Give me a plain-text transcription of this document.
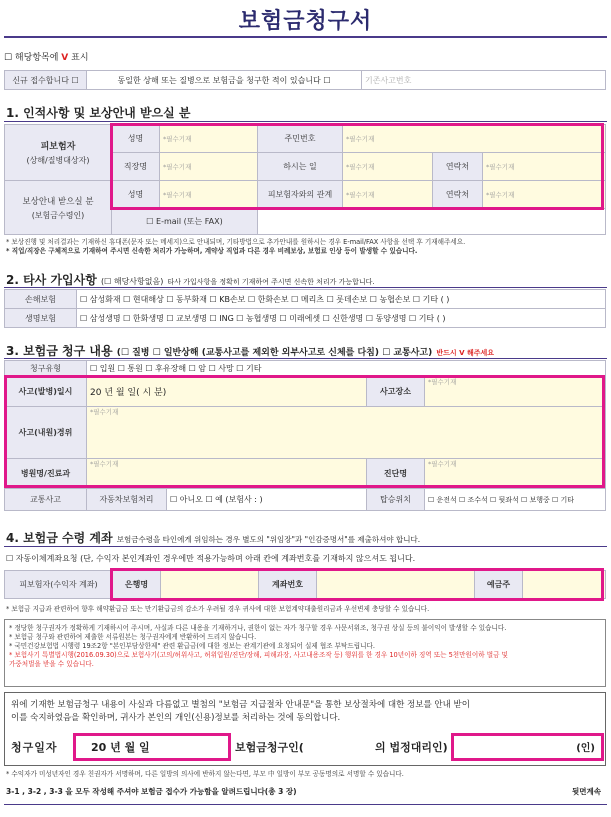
보험금청구서
☐ 해당항목에 V 표시
신규 접수합니다 ☐	동일한 상해 또는 질병으로 보험금을 청구한 적이 있습니다 ☐	기존사고번호
1. 인적사항 및 보상안내 받으실 분
피보험자
(상해/질병대상자)	성명	*필수기재	주민번호	*필수기재		
	직장명	*필수기재	하시는 일	*필수기재	연락처	*필수기재

보상안내 받으실 분
(보험금수령인)	성명	*필수기재	피보험자와의 관계	*필수기재	연락처	*필수기재
	☐ E-mail (또는 FAX)					
* 보상진행 및 처리결과는 기재하신 휴대폰(문자 또는 메세지)으로 안내되며, 기타방법으로 추가안내를 원하시는 경우 E-mail/FAX 사항을 선택 후 기재해주세요.
* 직업/직장은 구체적으로 기재하여 주시면 신속한 처리가 가능하며, 계약상 직업과 다른 경우 비례보상, 보험료 인상 등이 발생할 수 있습니다.
2. 타사 가입사항 (☐ 해당사항없음) 타사 가입사항을 정확히 기재하여 주시면 신속한 처리가 가능합니다.
손해보험	☐ 삼성화재 ☐ 현대해상 ☐ 동부화재 ☐ KB손보 ☐ 한화손보 ☐ 메리츠 ☐ 롯데손보 ☐ 농협손보 ☐ 기타 ( )
생명보험	☐ 삼성생명 ☐ 한화생명 ☐ 교보생명 ☐ ING ☐ 농협생명 ☐ 미래에셋 ☐ 신한생명 ☐ 동양생명 ☐ 기타 ( )
3. 보험금 청구 내용 (☐ 질병 ☐ 일반상해 (교통사고를 제외한 외부사고로 신체를 다침) ☐ 교통사고) 반드시 V 해주세요
청구유형	☐ 입원 ☐ 통원 ☐ 후유장해 ☐ 암 ☐ 사망 ☐ 기타			
사고(발병)일시	20 년 월 일( 시 분)		사고장소	*필수기재
사고(내원)경위	*필수기재			
병원명/진료과	*필수기재		진단명	*필수기재
교통사고	자동차보험처리	☐ 아니오 ☐ 예 (보험사 : )	탑승위치	☐ 운전석 ☐ 조수석 ☐ 뒷좌석 ☐ 보행중 ☐ 기타
4. 보험금 수령 계좌 보험금수령을 타인에게 위임하는 경우 별도의 "위임장"과 "인감증명서"를 제출하셔야 합니다.
☐ 자동이체계좌요청 (단, 수익자 본인계좌인 경우에만 적용가능하며 아래 칸에 계좌번호를 기재하지 않으셔도 됩니다.
피보험자(수익자 계좌)	은행명		계좌번호		예금주	
* 보험금 지급과 관련하여 향후 해약환급금 또는 만기환급금의 감소가 우려될 경우 귀사에 대한 보험계약대출원리금과 우선변제 충당할 수 있습니다.
* 정당한 청구권자가 정확하게 기재하시어 주시며, 사실과 다른 내용을 기재하거나, 권한이 없는 자가 청구할 경우 사문서위조, 청구권 상실 등의 불이익이 발생할 수 있습니다.
* 보험금 청구와 관련하여 제출한 서류원본는 청구권자에게 반환하여 드리지 않습니다.
* 국민건강보험법 시행령 19조2항 "본인부담상한제" 관련 환급금(에 대한 정보는 관계기관에 요청되어 실제 협조 부탁드립니다.
* 보험사기 특별법시행(2016.09.30)으로 보험사기(고의/허위사고, 허위입원/진단/장해, 피해과장, 사고내용조작 등) 행위를 한 경우 10년이하 징역 또는 5천만원이하 벌금 및
가중처벌을 받을 수 있습니다.
위에 기재한 보험금청구 내용이 사실과 다름없고 별첨의 "보험금 지급절차 안내문"을 통한 보상절차에 대한 정보를 안내 받이
이를 숙지하였음을 확인하며, 귀사가 본인의 개인(신용)정보를 처리하는 것에 동의합니다.
청구일자	20 년 월 일	보험금청구인(	의 법정대리인)	(인)
* 수익자가 미성년자인 경우 친권자가 서명하며, 다른 일방의 의사에 반하지 않는다면, 부모 中 일방이 부모 공동명의로 서명할 수 있습니다.
3-1 , 3-2 , 3-3 을 모두 작성해 주셔야 보험금 접수가 가능함을 알려드립니다(총 3 장)	뒷면계속
